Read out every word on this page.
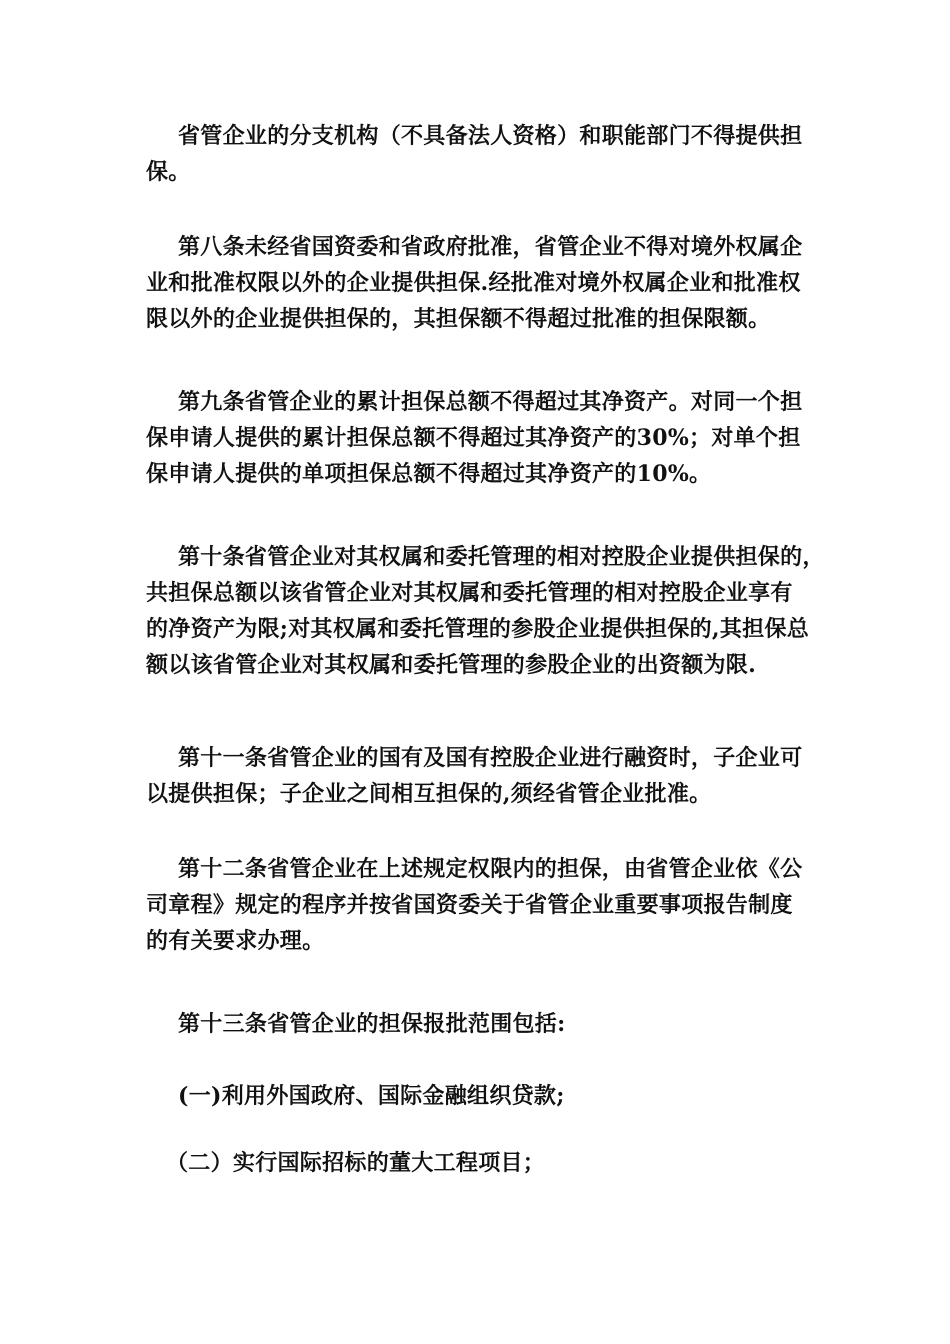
省管企业的分支机构（不具备法人资格）和职能部门不得提供担
保。
第八条未经省国资委和省政府批准，省管企业不得对境外权属企
业和批准权限以外的企业提供担保.经批准对境外权属企业和批准权
限以外的企业提供担保的，其担保额不得超过批准的担保限额。
第九条省管企业的累计担保总额不得超过其净资产。对同一个担
保申请人提供的累计担保总额不得超过其净资产的30%；对单个担
保申请人提供的单项担保总额不得超过其净资产的10%。
第十条省管企业对其权属和委托管理的相对控股企业提供担保的，
共担保总额以该省管企业对其权属和委托管理的相对控股企业享有
的净资产为限;对其权属和委托管理的参股企业提供担保的,其担保总
额以该省管企业对其权属和委托管理的参股企业的出资额为限.
第十一条省管企业的国有及国有控股企业进行融资时，子企业可
以提供担保；子企业之间相互担保的,须经省管企业批准。
第十二条省管企业在上述规定权限内的担保，由省管企业依《公
司章程》规定的程序并按省国资委关于省管企业重要事项报告制度
的有关要求办理。
第十三条省管企业的担保报批范围包括:
(一)利用外国政府、国际金融组织贷款;
（二）实行国际招标的董大工程项目；
